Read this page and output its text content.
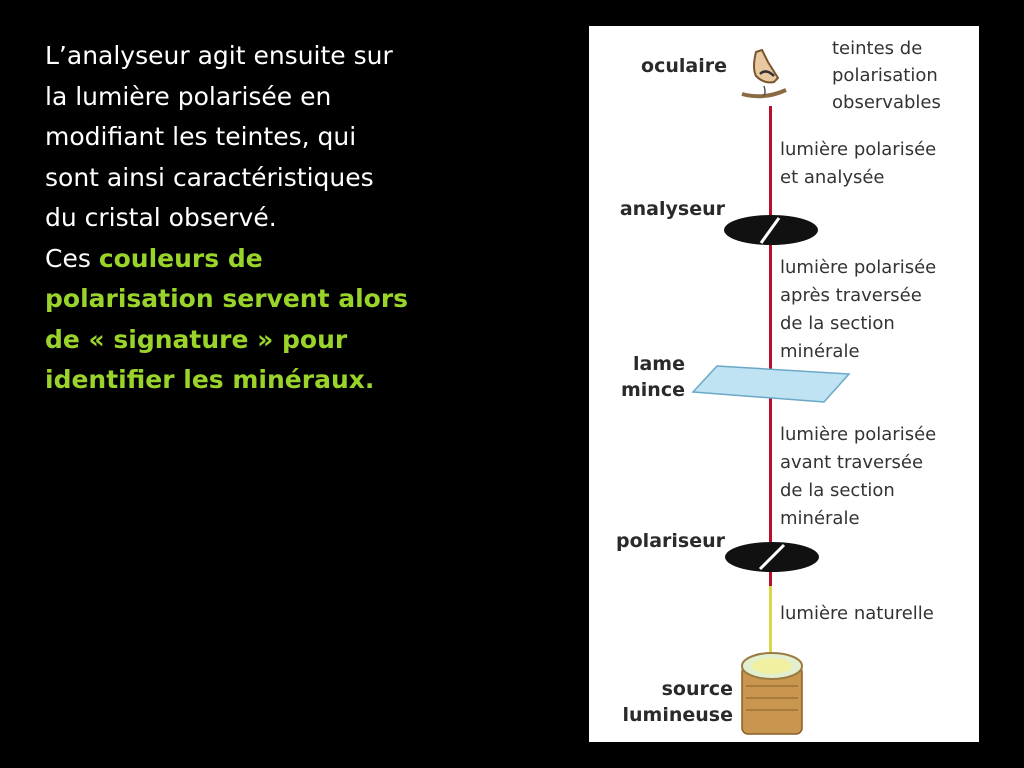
L’analyseur agit ensuite sur
la lumière polarisée en
modifiant les teintes, qui
sont ainsi caractéristiques
du cristal observé.
Ces couleurs de
polarisation servent alors
de « signature » pour
identifier les minéraux.
oculaire
analyseur
lame
mince
polariseur
source
lumineuse
teintes de
polarisation
observables
lumière polarisée
et analysée
lumière polarisée
après traversée
de la section
minérale
lumière polarisée
avant traversée
de la section
minérale
lumière naturelle
